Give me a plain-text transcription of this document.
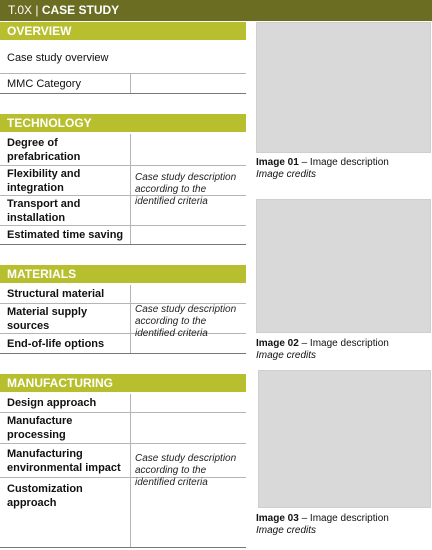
T.0X | CASE STUDY
OVERVIEW
Case study overview
MMC Category
TECHNOLOGY
Degree of prefabrication
Flexibility and integration
Transport and installation
Estimated time saving
Case study description according to the identified criteria
MATERIALS
Structural material
Material supply sources
End-of-life options
Case study description according to the identified criteria
MANUFACTURING
Design approach
Manufacture processing
Manufacturing environmental impact
Customization approach
Case study description according to the identified criteria
Image 01 – Image description
Image credits
Image 02 – Image description
Image credits
Image 03 – Image description
Image credits
